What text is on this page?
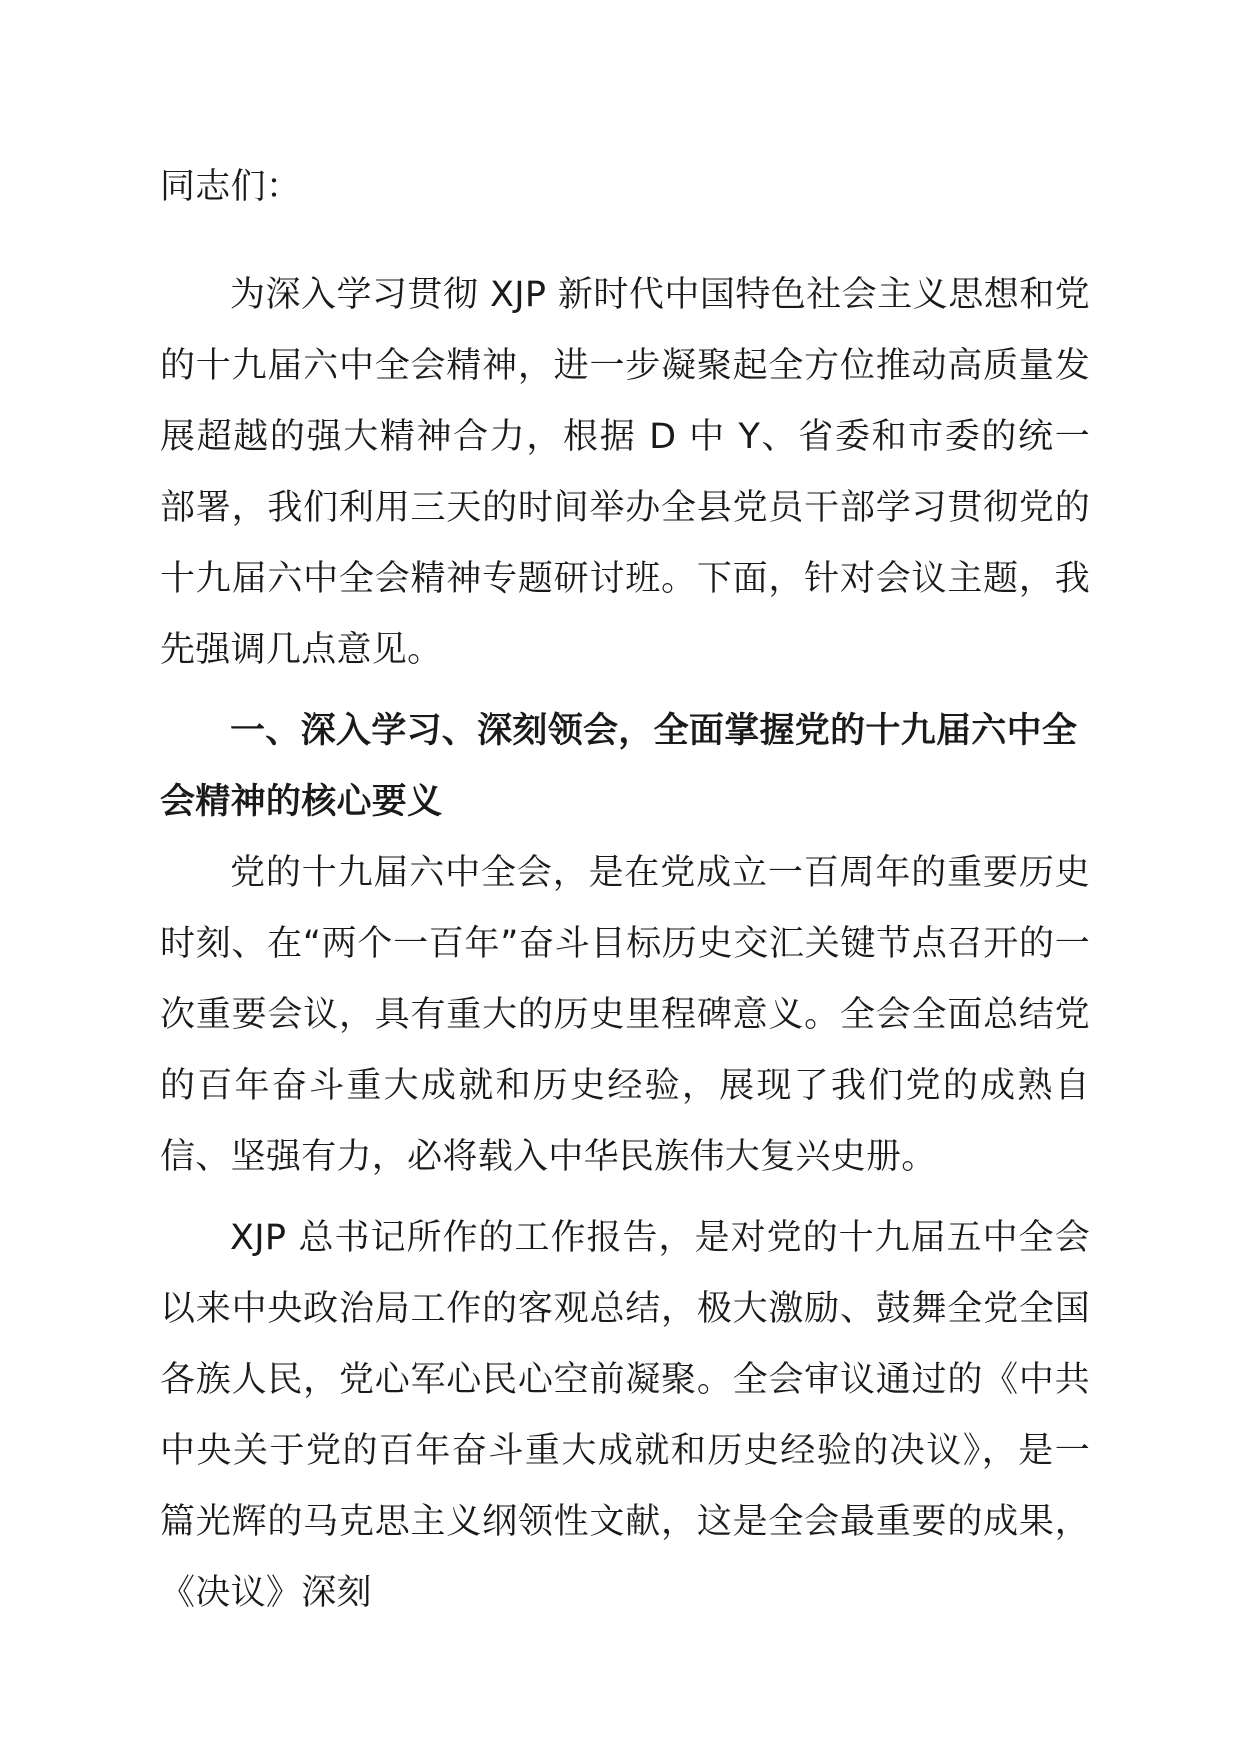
同志们：

为深入学习贯彻 XJP 新时代中国特色社会主义思想和党的十九届六中全会精神，进一步凝聚起全方位推动高质量发展超越的强大精神合力，根据 D 中 Y、省委和市委的统一部署，我们利用三天的时间举办全县党员干部学习贯彻党的十九届六中全会精神专题研讨班。下面，针对会议主题，我先强调几点意见。

一、深入学习、深刻领会，全面掌握党的十九届六中全会精神的核心要义

党的十九届六中全会，是在党成立一百周年的重要历史时刻、在“两个一百年”奋斗目标历史交汇关键节点召开的一次重要会议，具有重大的历史里程碑意义。全会全面总结党的百年奋斗重大成就和历史经验，展现了我们党的成熟自信、坚强有力，必将载入中华民族伟大复兴史册。

XJP 总书记所作的工作报告，是对党的十九届五中全会以来中央政治局工作的客观总结，极大激励、鼓舞全党全国各族人民，党心军心民心空前凝聚。全会审议通过的《中共中央关于党的百年奋斗重大成就和历史经验的决议》，是一篇光辉的马克思主义纲领性文献，这是全会最重要的成果，《决议》深刻
